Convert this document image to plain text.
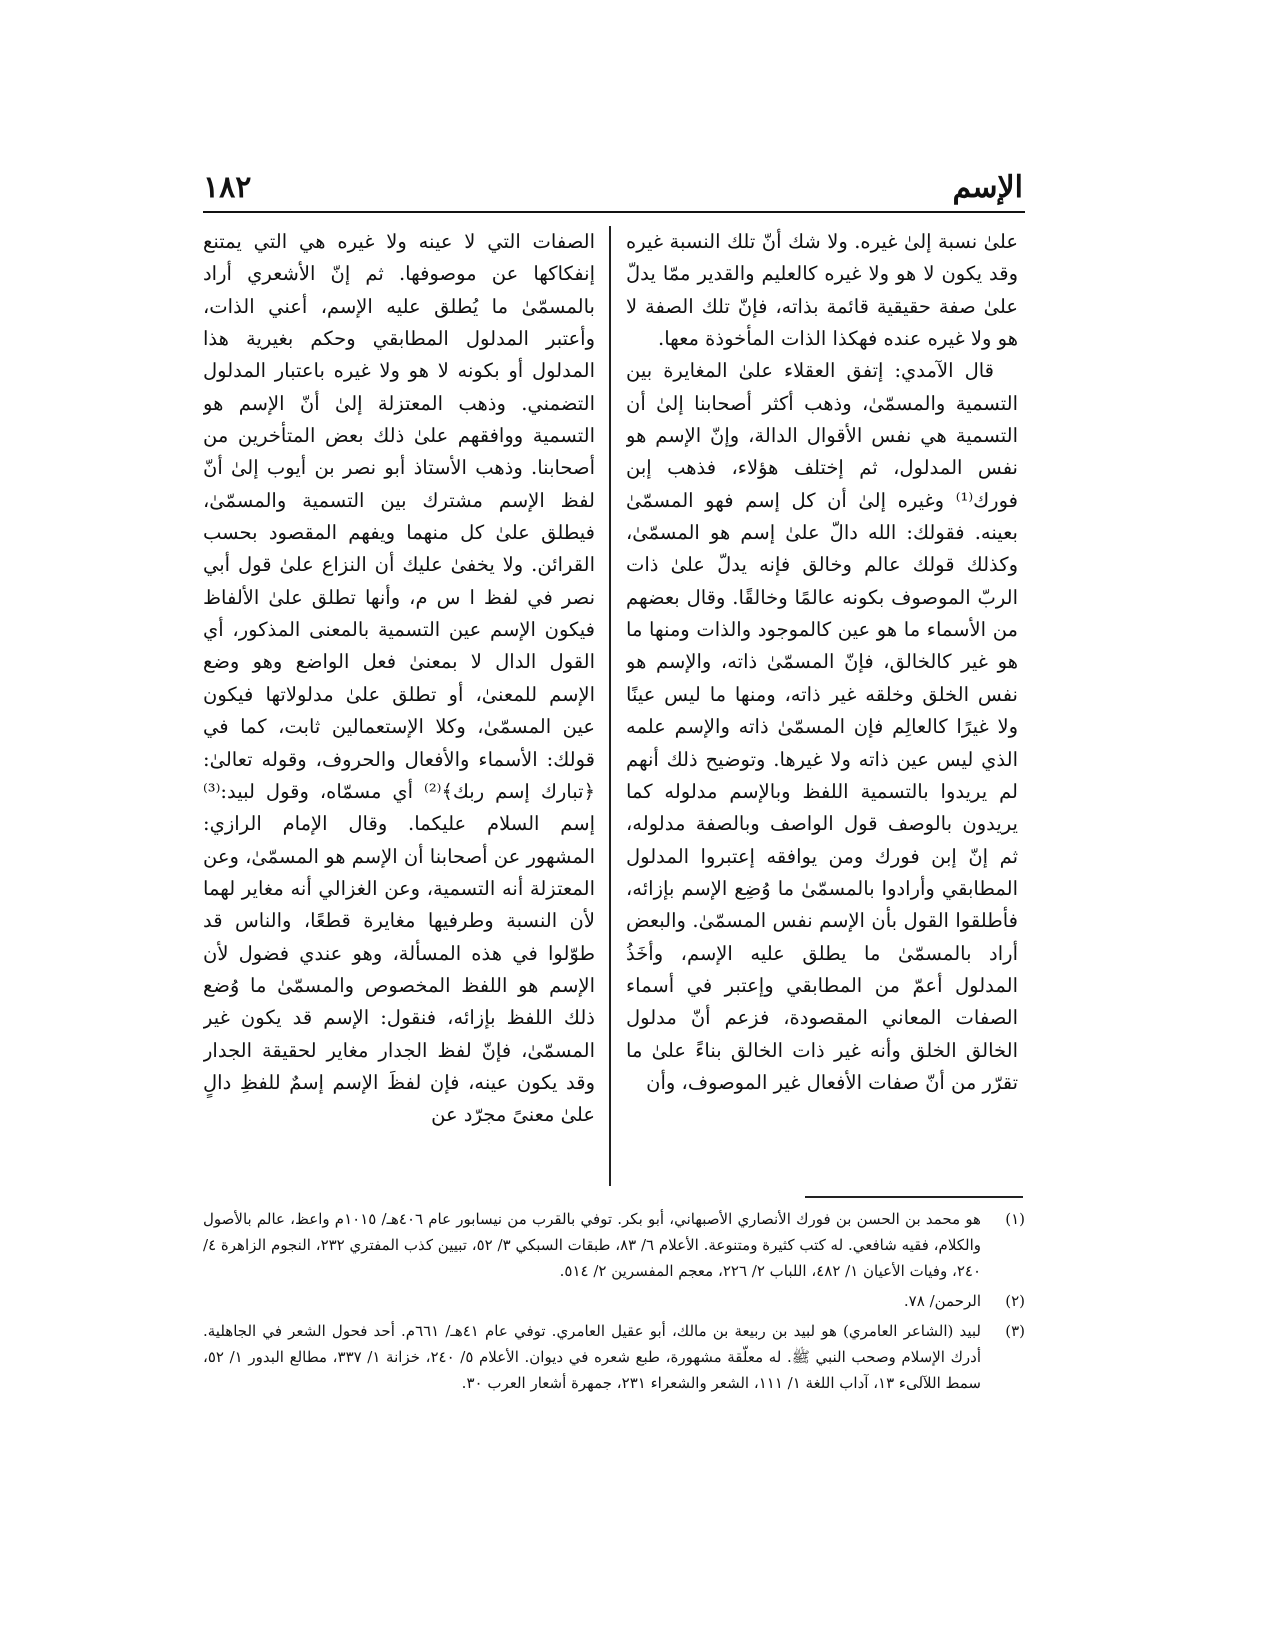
الإسم
١٨٢

علىٰ نسبة إلىٰ غيره. ولا شك أنّ تلك النسبة غيره وقد يكون لا هو ولا غيره كالعليم والقدير ممّا يدلّ علىٰ صفة حقيقية قائمة بذاته، فإنّ تلك الصفة لا هو ولا غيره عنده فهكذا الذات المأخوذة معها.

قال الآمدي: إتفق العقلاء علىٰ المغايرة بين التسمية والمسمّىٰ، وذهب أكثر أصحابنا إلىٰ أن التسمية هي نفس الأقوال الدالة، وإنّ الإسم هو نفس المدلول، ثم إختلف هؤلاء، فذهب إبن فورك⁽¹⁾ وغيره إلىٰ أن كل إسم فهو المسمّىٰ بعينه. فقولك: الله دالّ علىٰ إسم هو المسمّىٰ، وكذلك قولك عالم وخالق فإنه يدلّ علىٰ ذات الربّ الموصوف بكونه عالمًا وخالقًا. وقال بعضهم من الأسماء ما هو عين كالموجود والذات ومنها ما هو غير كالخالق، فإنّ المسمّىٰ ذاته، والإسم هو نفس الخلق وخلقه غير ذاته، ومنها ما ليس عينًا ولا غيرًا كالعالِم فإن المسمّىٰ ذاته والإسم علمه الذي ليس عين ذاته ولا غيرها. وتوضيح ذلك أنهم لم يريدوا بالتسمية اللفظ وبالإسم مدلوله كما يريدون بالوصف قول الواصف وبالصفة مدلوله، ثم إنّ إبن فورك ومن يوافقه إعتبروا المدلول المطابقي وأرادوا بالمسمّىٰ ما وُضِع الإسم بإزائه، فأطلقوا القول بأن الإسم نفس المسمّىٰ. والبعض أراد بالمسمّىٰ ما يطلق عليه الإسم، وأخَذُ المدلول أعمّ من المطابقي وإعتبر في أسماء الصفات المعاني المقصودة، فزعم أنّ مدلول الخالق الخلق وأنه غير ذات الخالق بناءً علىٰ ما تقرّر من أنّ صفات الأفعال غير الموصوف، وأن

الصفات التي لا عينه ولا غيره هي التي يمتنع إنفكاكها عن موصوفها. ثم إنّ الأشعري أراد بالمسمّىٰ ما يُطلق عليه الإسم، أعني الذات، وأعتبر المدلول المطابقي وحكم بغيرية هذا المدلول أو بكونه لا هو ولا غيره باعتبار المدلول التضمني. وذهب المعتزلة إلىٰ أنّ الإسم هو التسمية ووافقهم علىٰ ذلك بعض المتأخرين من أصحابنا. وذهب الأستاذ أبو نصر بن أيوب إلىٰ أنّ لفظ الإسم مشترك بين التسمية والمسمّىٰ، فيطلق علىٰ كل منهما ويفهم المقصود بحسب القرائن. ولا يخفىٰ عليك أن النزاع علىٰ قول أبي نصر في لفظ ا س م، وأنها تطلق علىٰ الألفاظ فيكون الإسم عين التسمية بالمعنى المذكور، أي القول الدال لا بمعنىٰ فعل الواضع وهو وضع الإسم للمعنىٰ، أو تطلق علىٰ مدلولاتها فيكون عين المسمّىٰ، وكلا الإستعمالين ثابت، كما في قولك: الأسماء والأفعال والحروف، وقوله تعالىٰ: ﴿تبارك إسم ربك﴾⁽²⁾ أي مسمّاه، وقول لبيد:⁽³⁾ إسم السلام عليكما. وقال الإمام الرازي: المشهور عن أصحابنا أن الإسم هو المسمّىٰ، وعن المعتزلة أنه التسمية، وعن الغزالي أنه مغاير لهما لأن النسبة وطرفيها مغايرة قطعًا، والناس قد طوّلوا في هذه المسألة، وهو عندي فضول لأن الإسم هو اللفظ المخصوص والمسمّىٰ ما وُضع ذلك اللفظ بإزائه، فنقول: الإسم قد يكون غير المسمّىٰ، فإنّ لفظ الجدار مغاير لحقيقة الجدار وقد يكون عينه، فإن لفظَ الإسم إسمٌ للفظِ دالٍ علىٰ معنىً مجرّد عن

(١)
هو محمد بن الحسن بن فورك الأنصاري الأصبهاني، أبو بكر. توفي بالقرب من نيسابور عام ٤٠٦هـ/ ١٠١٥م واعظ، عالم بالأصول والكلام، فقيه شافعي. له كتب كثيرة ومتنوعة. الأعلام ٦/ ٨٣، طبقات السبكي ٣/ ٥٢، تبيين كذب المفتري ٢٣٢، النجوم الزاهرة ٤/ ٢٤٠، وفيات الأعيان ١/ ٤٨٢، اللباب ٢/ ٢٢٦، معجم المفسرين ٢/ ٥١٤.
(٢)
الرحمن/ ٧٨.
(٣)
لبيد (الشاعر العامري) هو لبيد بن ربيعة بن مالك، أبو عقيل العامري. توفي عام ٤١هـ/ ٦٦١م. أحد فحول الشعر في الجاهلية. أدرك الإسلام وصحب النبي ﷺ. له معلّقة مشهورة، طبع شعره في ديوان. الأعلام ٥/ ٢٤٠، خزانة ١/ ٣٣٧، مطالع البدور ١/ ٥٢، سمط اللآلىء ١٣، آداب اللغة ١/ ١١١، الشعر والشعراء ٢٣١، جمهرة أشعار العرب ٣٠.
